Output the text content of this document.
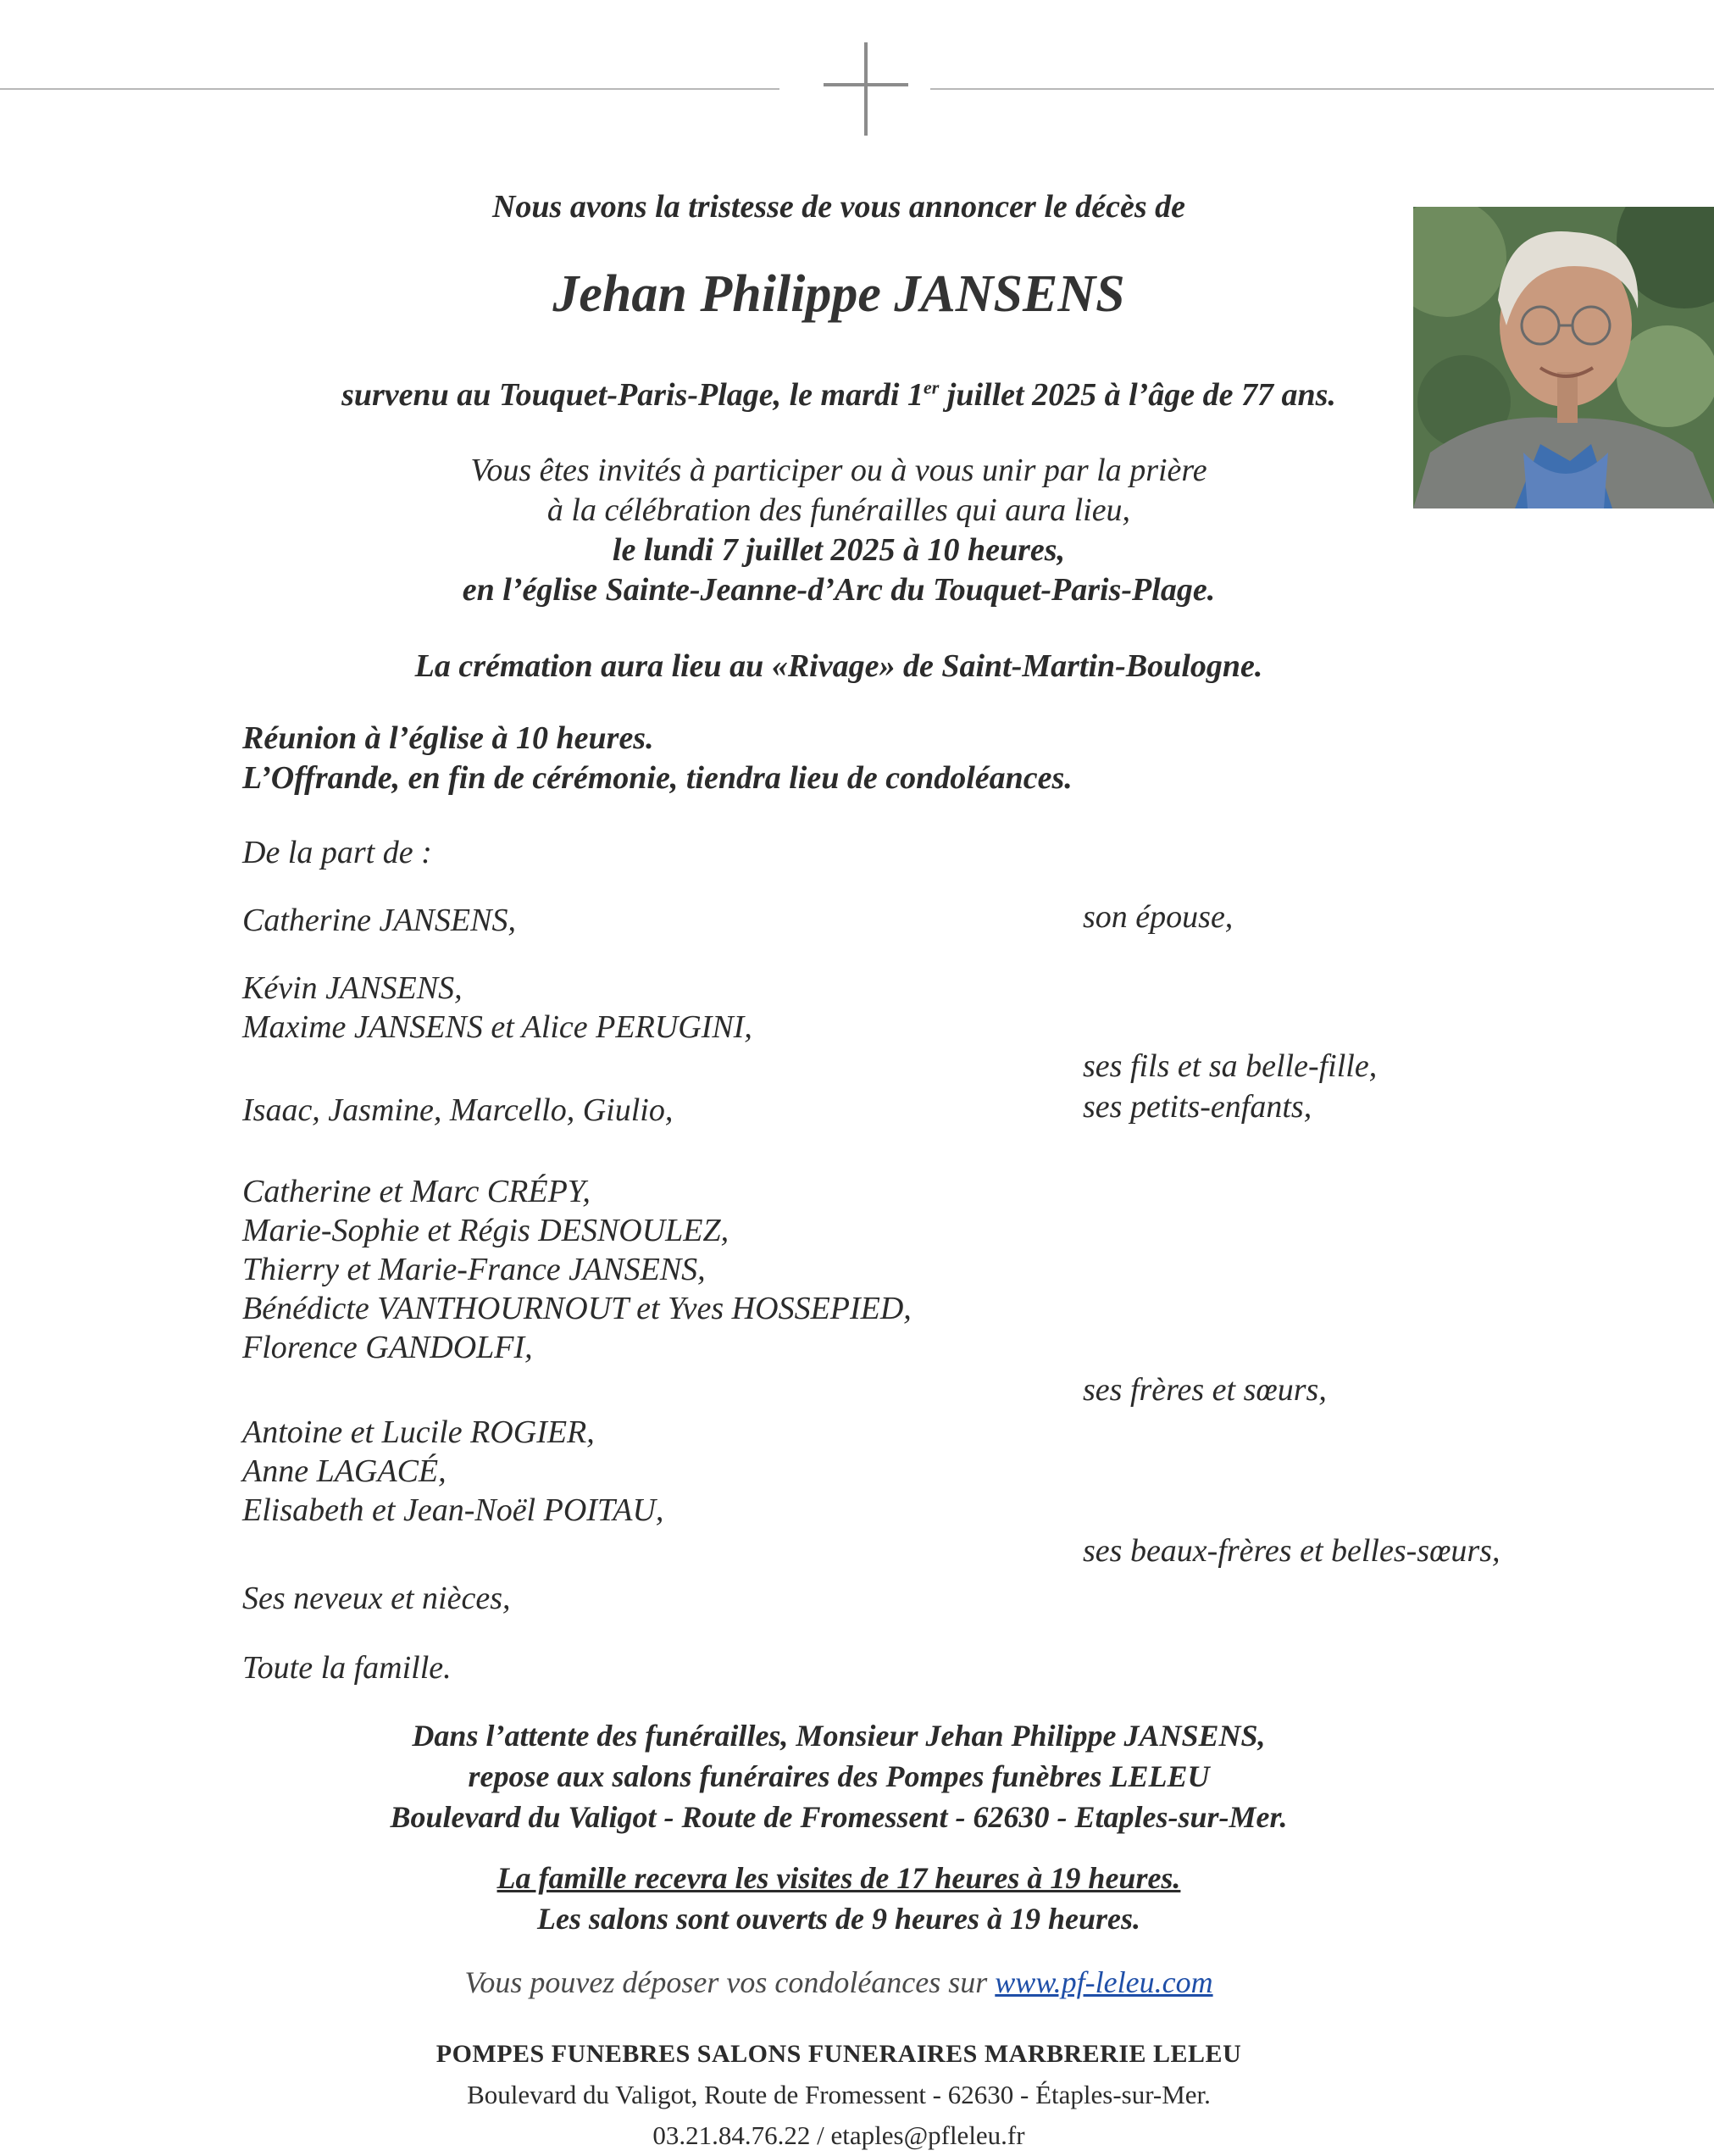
Nous avons la tristesse de vous annoncer le décès de
Jehan Philippe JANSENS
survenu au Touquet-Paris-Plage, le mardi 1er juillet 2025 à l’âge de 77 ans.
Vous êtes invités à participer ou à vous unir par la prière
à la célébration des funérailles qui aura lieu,
le lundi 7 juillet 2025 à 10 heures,
en l’église Sainte-Jeanne-d’Arc du Touquet-Paris-Plage.
La crémation aura lieu au «Rivage» de Saint-Martin-Boulogne.
Réunion à l’église à 10 heures.
L’Offrande, en fin de cérémonie, tiendra lieu de condoléances.
De la part de :
Catherine JANSENS,	son épouse,
Kévin JANSENS,
Maxime JANSENS et Alice PERUGINI,
ses fils et sa belle-fille,
Isaac, Jasmine, Marcello, Giulio,	ses petits-enfants,
Catherine et Marc CRÉPY,
Marie-Sophie et Régis DESNOULEZ,
Thierry et Marie-France JANSENS,
Bénédicte VANTHOURNOUT et Yves HOSSEPIED,
Florence GANDOLFI,
ses frères et sœurs,
Antoine et Lucile ROGIER,
Anne LAGACÉ,
Elisabeth et Jean-Noël POITAU,
ses beaux-frères et belles-sœurs,
Ses neveux et nièces,
Toute la famille.
Dans l’attente des funérailles, Monsieur Jehan Philippe JANSENS,
repose aux salons funéraires des Pompes funèbres LELEU
Boulevard du Valigot - Route de Fromessent - 62630 - Etaples-sur-Mer.
La famille recevra les visites de 17 heures à 19 heures.
Les salons sont ouverts de 9 heures à 19 heures.
Vous pouvez déposer vos condoléances sur www.pf-leleu.com
POMPES FUNEBRES SALONS FUNERAIRES MARBRERIE LELEU
Boulevard du Valigot, Route de Fromessent - 62630 - Étaples-sur-Mer.
03.21.84.76.22 / etaples@pfleleu.fr
